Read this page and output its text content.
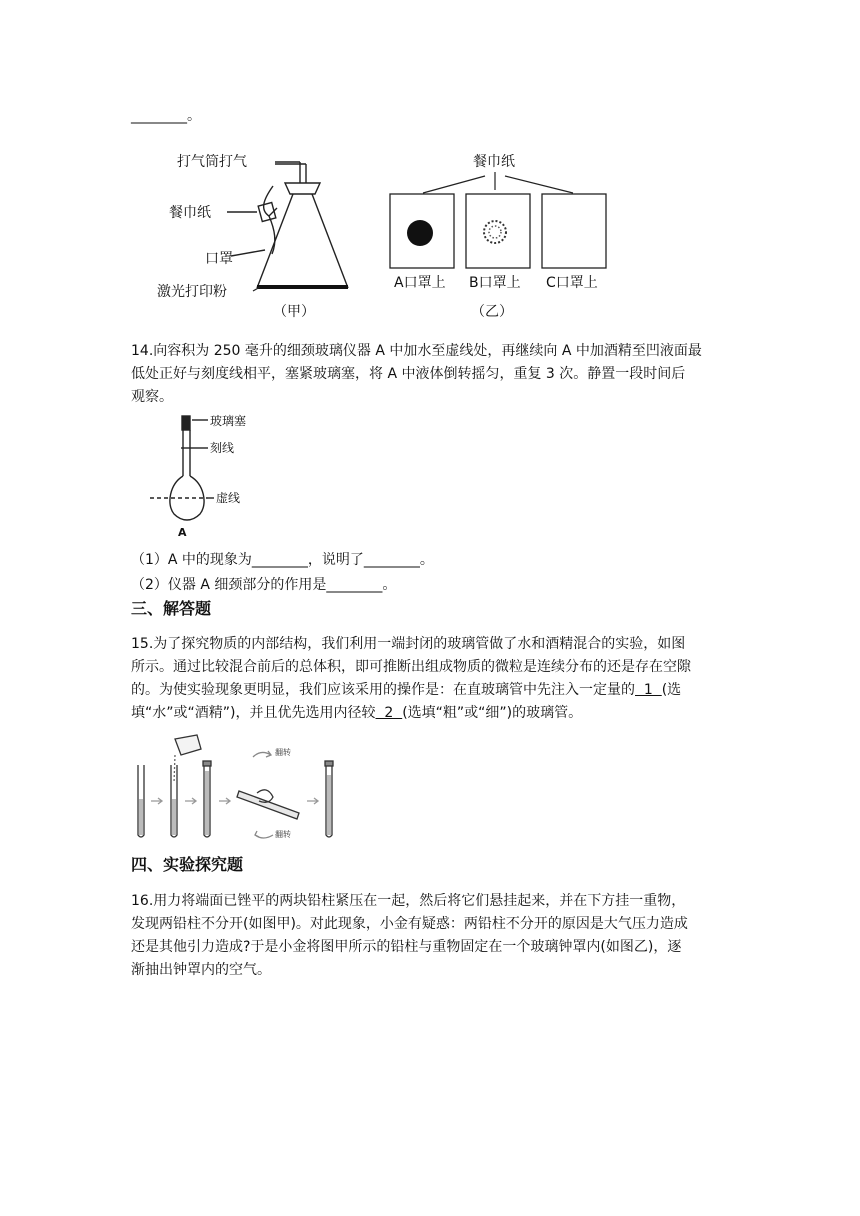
________。
打气筒打气
餐巾纸
口罩
激光打印粉
（甲）
餐巾纸
A口罩上 B口罩上 C口罩上
（乙）
14.向容积为 250 毫升的细颈玻璃仪器 A 中加水至虚线处，再继续向 A 中加酒精至凹液面最
低处正好与刻度线相平，塞紧玻璃塞，将 A 中液体倒转摇匀，重复 3 次。静置一段时间后
观察。
玻璃塞
刻线
虚线
A
（1）A 中的现象为________，说明了________。
（2）仪器 A 细颈部分的作用是________。
三、解答题
15.为了探究物质的内部结构，我们利用一端封闭的玻璃管做了水和酒精混合的实验，如图
所示。通过比较混合前后的总体积，即可推断出组成物质的微粒是连续分布的还是存在空隙
的。为使实验现象更明显，我们应该采用的操作是：在直玻璃管中先注入一定量的  1  (选
填“水”或“酒精”)，并且优先选用内径较  2  (选填“粗”或“细”)的玻璃管。
翻转
翻转
四、实验探究题
16.用力将端面已锉平的两块铅柱紧压在一起，然后将它们悬挂起来，并在下方挂一重物，
发现两铅柱不分开(如图甲)。对此现象，小金有疑惑：两铅柱不分开的原因是大气压力造成
还是其他引力造成?于是小金将图甲所示的铅柱与重物固定在一个玻璃钟罩内(如图乙)，逐
渐抽出钟罩内的空气。
